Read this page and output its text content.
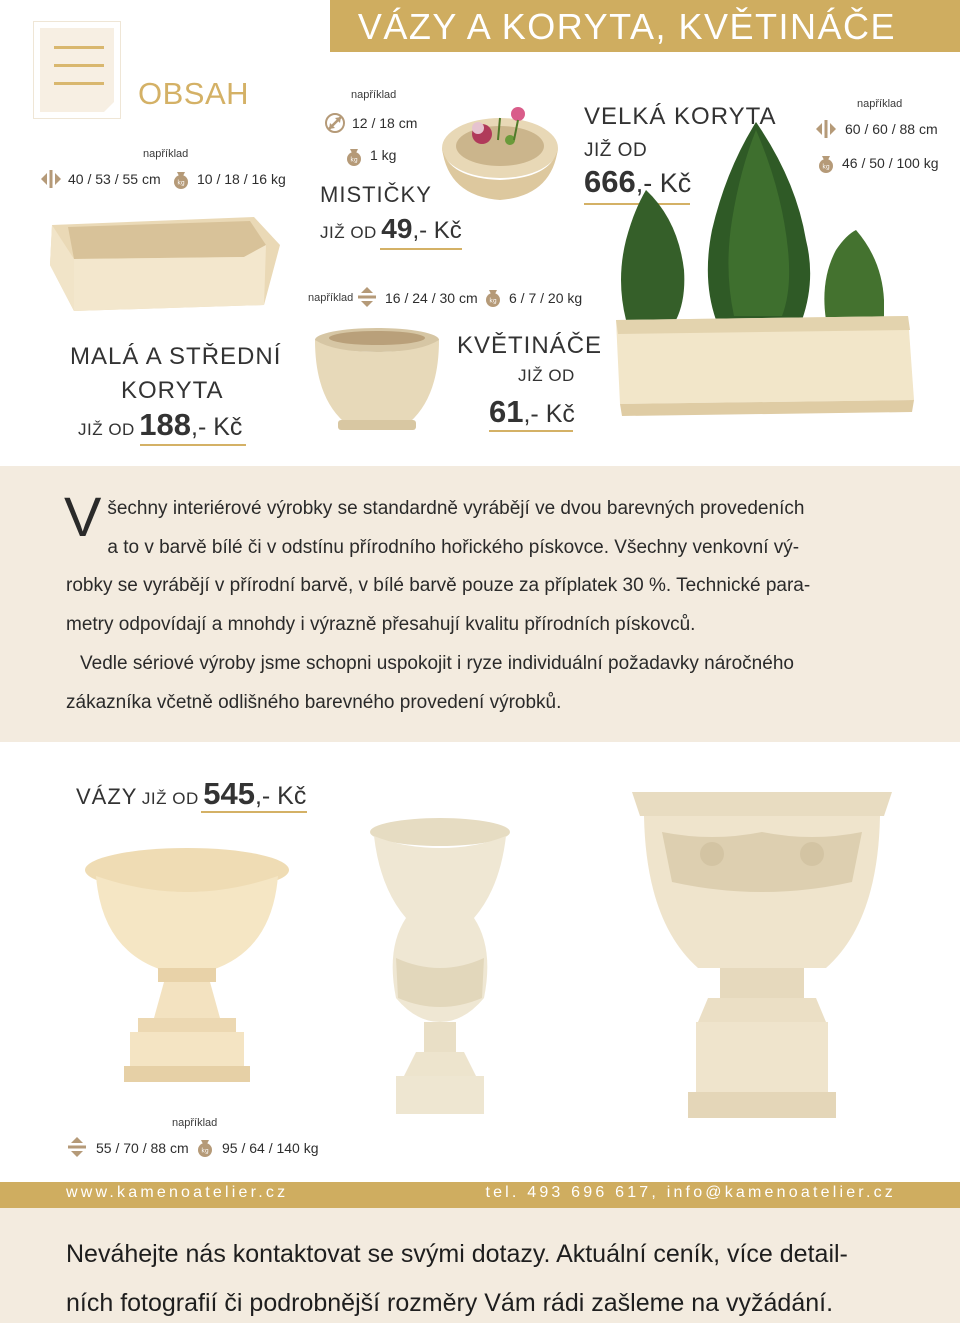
VÁZY A KORYTA, KVĚTINÁČE
OBSAH
například
40 / 53 / 55 cm	kg 10 / 18 / 16 kg
MALÁ A STŘEDNÍ
KORYTA
JIŽ OD 188,- Kč
například
12 / 18 cm
kg 1 kg
MISTIČKY
JIŽ OD 49,- Kč
VELKÁ KORYTA
JIŽ OD
666,- Kč
například
60 / 60 / 88 cm
kg 46 / 50 / 100 kg
například 16 / 24 / 30 cm kg 6 / 7 / 20 kg
KVĚTINÁČE
JIŽ OD
61,- Kč
V šechny interiérové výrobky se standardně vyrábějí ve dvou barevných provedeních
a to v barvě bílé či v odstínu přírodního hořického pískovce. Všechny venkovní vý-
robky se vyrábějí v přírodní barvě, v bílé barvě pouze za příplatek 30 %. Technické para-
metry odpovídají a mnohdy i výrazně přesahují kvalitu přírodních pískovců.
Vedle sériové výroby jsme schopni uspokojit i ryze individuální požadavky náročného
zákazníka včetně odlišného barevného provedení výrobků.
VÁZY JIŽ OD 545,- Kč
například
55 / 70 / 88 cm kg 95 / 64 / 140 kg
www.kamenoatelier.cz	tel. 493 696 617, info@kamenoatelier.cz
Neváhejte nás kontaktovat se svými dotazy. Aktuální ceník, více detail-
ních fotografií či podrobnější rozměry Vám rádi zašleme na vyžádání.
